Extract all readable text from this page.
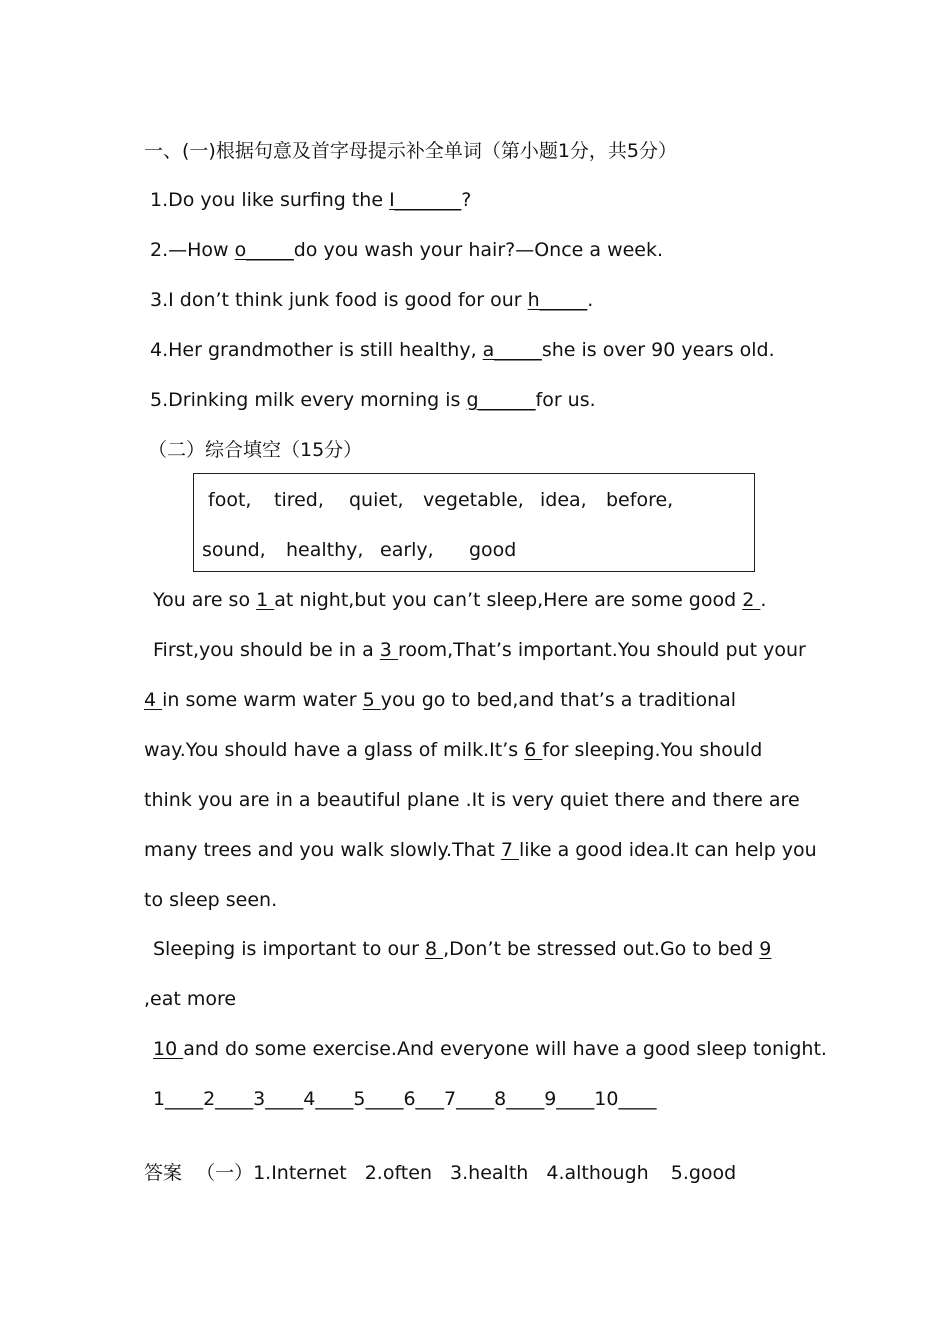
一、(一)根据句意及首字母提示补全单词（第小题1分，共5分）
1.Do you like surfing the I_______?
2.—How o_____do you wash your hair?—Once a week.
3.I don’t think junk food is good for our h_____.
4.Her grandmother is still healthy, a_____she is over 90 years old.
5.Drinking milk every morning is g______for us.
（二）综合填空（15分）
foot, tired, quiet, vegetable, idea, before,
sound, healthy, early, good
You are so 1 at night,but you can’t sleep,Here are some good 2 .
First,you should be in a 3 room,That’s important.You should put your
4 in some warm water 5 you go to bed,and that’s a traditional
way.You should have a glass of milk.It’s 6 for sleeping.You should
think you are in a beautiful plane .It is very quiet there and there are
many trees and you walk slowly.That 7 like a good idea.It can help you
to sleep seen.
Sleeping is important to our 8 ,Don’t be stressed out.Go to bed 9
,eat more
10 and do some exercise.And everyone will have a good sleep tonight.
1____2____3____4____5____6___7____8____9____10____
答案 （一）1.Internet 2.often 3.health 4.although 5.good
